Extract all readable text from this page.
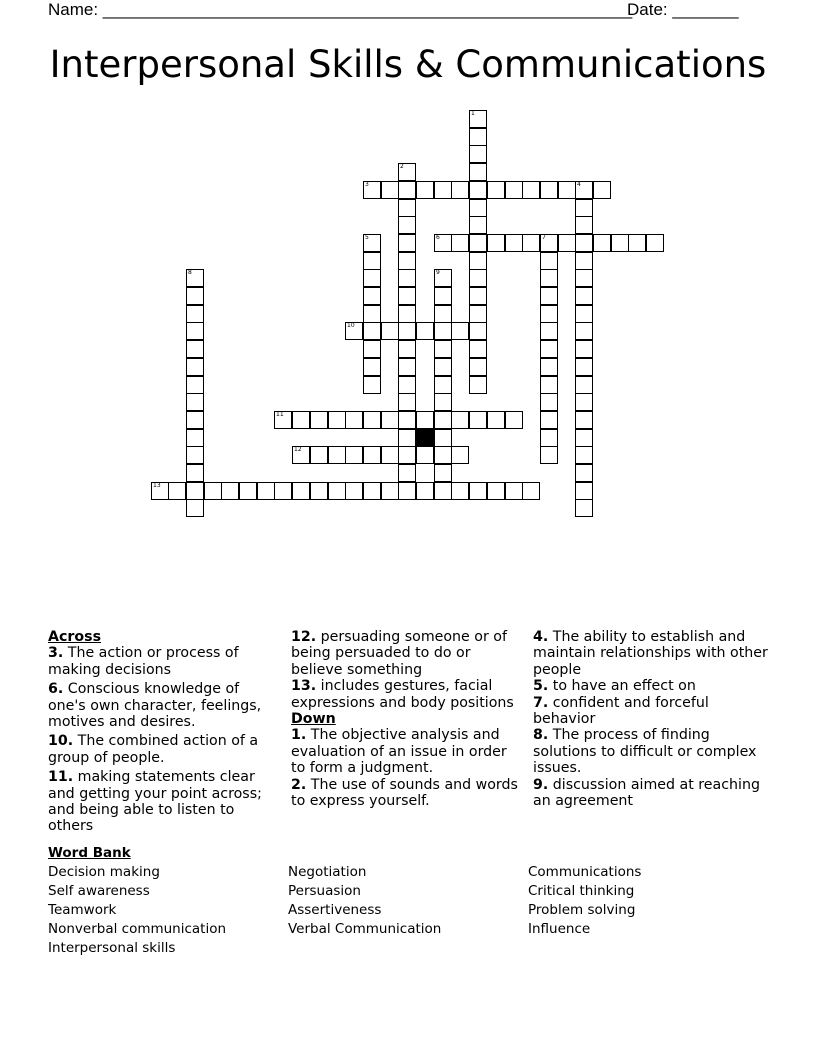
Name: ________________________________________________________
Date: _______
Interpersonal Skills & Communications
1
2
3	4
5	6	7
8	9
10
11
12
13
Across

3. The action or process of making decisions

6. Conscious knowledge of one's own character, feelings, motives and desires.

10. The combined action of a group of people.

11. making statements clear and getting your point across; and being able to listen to others

12. persuading someone or of being persuaded to do or believe something

13. includes gestures, facial expressions and body positions

Down

1. The objective analysis and evaluation of an issue in order to form a judgment.

2. The use of sounds and words to express yourself.

4. The ability to establish and maintain relationships with other people

5. to have an effect on

7. confident and forceful behavior

8. The process of finding solutions to difficult or complex issues.

9. discussion aimed at reaching an agreement

Word Bank
Decision making
Self awareness
Teamwork
Nonverbal communication
Interpersonal skills
Negotiation
Persuasion
Assertiveness
Verbal Communication
Communications
Critical thinking
Problem solving
Influence
